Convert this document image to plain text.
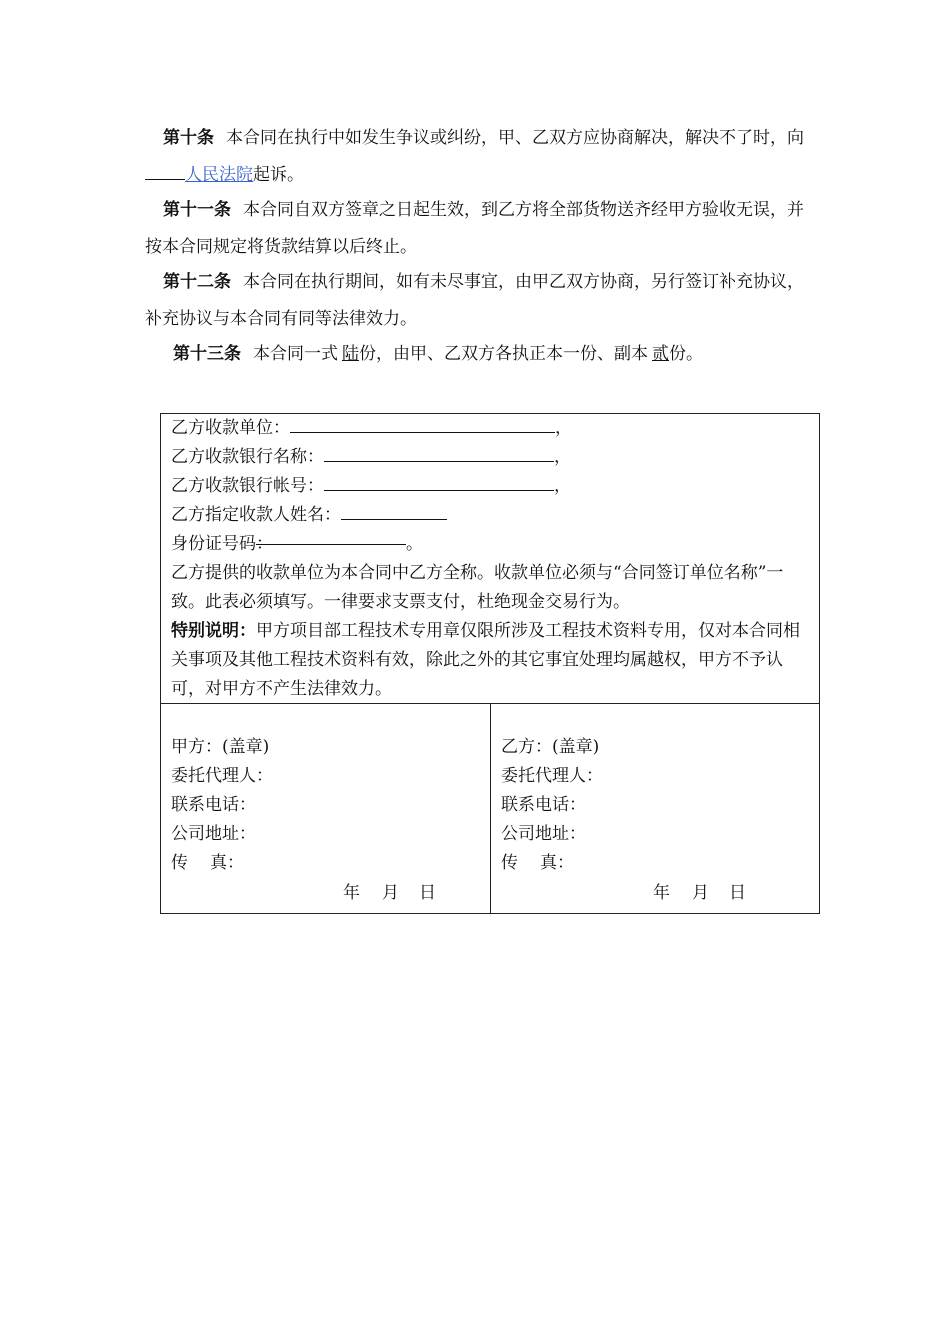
第十条 本合同在执行中如发生争议或纠纷，甲、乙双方应协商解决，解决不了时，向人民法院起诉。
第十一条 本合同自双方签章之日起生效，到乙方将全部货物送齐经甲方验收无误，并按本合同规定将货款结算以后终止。
第十二条 本合同在执行期间，如有未尽事宜，由甲乙双方协商，另行签订补充协议，补充协议与本合同有同等法律效力。
第十三条 本合同一式 陆份，由甲、乙双方各执正本一份、副本 贰份。
乙方收款单位：	，
乙方收款银行名称：	，
乙方收款银行帐号：	，
乙方指定收款人姓名：
身份证号码：	。
乙方提供的收款单位为本合同中乙方全称。收款单位必须与“合同签订单位名称”一致。此表必须填写。一律要求支票支付，杜绝现金交易行为。
特别说明：甲方项目部工程技术专用章仅限所涉及工程技术资料专用，仅对本合同相关事项及其他工程技术资料有效，除此之外的其它事宜处理均属越权，甲方不予认可，对甲方不产生法律效力。
甲方：(盖章)
委托代理人：
联系电话：
公司地址：
传 真：
年 月 日
乙方：(盖章)
委托代理人：
联系电话：
公司地址：
传 真：
年 月 日
